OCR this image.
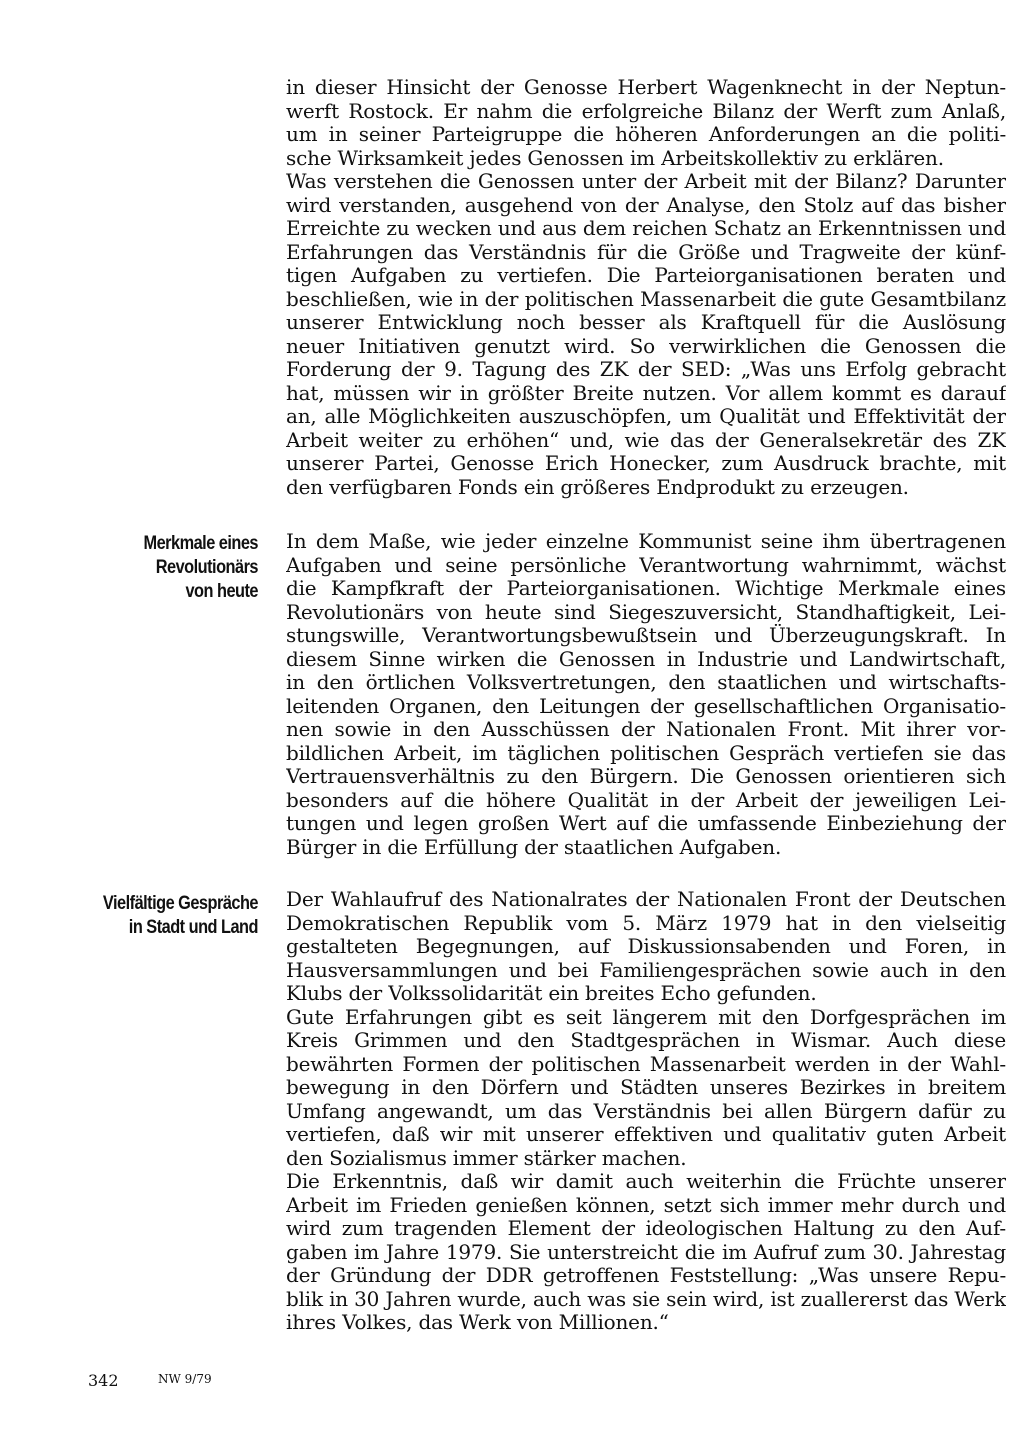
in dieser Hinsicht der Genosse Herbert Wagenknecht in der Neptun-
werft Rostock. Er nahm die erfolgreiche Bilanz der Werft zum Anlaß,
um in seiner Parteigruppe die höheren Anforderungen an die politi-
sche Wirksamkeit jedes Genossen im Arbeitskollektiv zu erklären.
Was verstehen die Genossen unter der Arbeit mit der Bilanz? Darunter
wird verstanden, ausgehend von der Analyse, den Stolz auf das bisher
Erreichte zu wecken und aus dem reichen Schatz an Erkenntnissen und
Erfahrungen das Verständnis für die Größe und Tragweite der künf-
tigen Aufgaben zu vertiefen. Die Parteiorganisationen beraten und
beschließen, wie in der politischen Massenarbeit die gute Gesamtbilanz
unserer Entwicklung noch besser als Kraftquell für die Auslösung
neuer Initiativen genutzt wird. So verwirklichen die Genossen die
Forderung der 9. Tagung des ZK der SED: „Was uns Erfolg gebracht
hat, müssen wir in größter Breite nutzen. Vor allem kommt es darauf
an, alle Möglichkeiten auszuschöpfen, um Qualität und Effektivität der
Arbeit weiter zu erhöhen“ und, wie das der Generalsekretär des ZK
unserer Partei, Genosse Erich Honecker, zum Ausdruck brachte, mit
den verfügbaren Fonds ein größeres Endprodukt zu erzeugen.
Merkmale eines
Revolutionärs
von heute
In dem Maße, wie jeder einzelne Kommunist seine ihm übertragenen
Aufgaben und seine persönliche Verantwortung wahrnimmt, wächst
die Kampfkraft der Parteiorganisationen. Wichtige Merkmale eines
Revolutionärs von heute sind Siegeszuversicht, Standhaftigkeit, Lei-
stungswille, Verantwortungsbewußtsein und Überzeugungskraft. In
diesem Sinne wirken die Genossen in Industrie und Landwirtschaft,
in den örtlichen Volksvertretungen, den staatlichen und wirtschafts-
leitenden Organen, den Leitungen der gesellschaftlichen Organisatio-
nen sowie in den Ausschüssen der Nationalen Front. Mit ihrer vor-
bildlichen Arbeit, im täglichen politischen Gespräch vertiefen sie das
Vertrauensverhältnis zu den Bürgern. Die Genossen orientieren sich
besonders auf die höhere Qualität in der Arbeit der jeweiligen Lei-
tungen und legen großen Wert auf die umfassende Einbeziehung der
Bürger in die Erfüllung der staatlichen Aufgaben.
Vielfältige Gespräche
in Stadt und Land
Der Wahlaufruf des Nationalrates der Nationalen Front der Deutschen
Demokratischen Republik vom 5. März 1979 hat in den vielseitig
gestalteten Begegnungen, auf Diskussionsabenden und Foren, in
Hausversammlungen und bei Familiengesprächen sowie auch in den
Klubs der Volkssolidarität ein breites Echo gefunden.
Gute Erfahrungen gibt es seit längerem mit den Dorfgesprächen im
Kreis Grimmen und den Stadtgesprächen in Wismar. Auch diese
bewährten Formen der politischen Massenarbeit werden in der Wahl-
bewegung in den Dörfern und Städten unseres Bezirkes in breitem
Umfang angewandt, um das Verständnis bei allen Bürgern dafür zu
vertiefen, daß wir mit unserer effektiven und qualitativ guten Arbeit
den Sozialismus immer stärker machen.
Die Erkenntnis, daß wir damit auch weiterhin die Früchte unserer
Arbeit im Frieden genießen können, setzt sich immer mehr durch und
wird zum tragenden Element der ideologischen Haltung zu den Auf-
gaben im Jahre 1979. Sie unterstreicht die im Aufruf zum 30. Jahrestag
der Gründung der DDR getroffenen Feststellung: „Was unsere Repu-
blik in 30 Jahren wurde, auch was sie sein wird, ist zuallererst das Werk
ihres Volkes, das Werk von Millionen.“
342	NW 9/79
